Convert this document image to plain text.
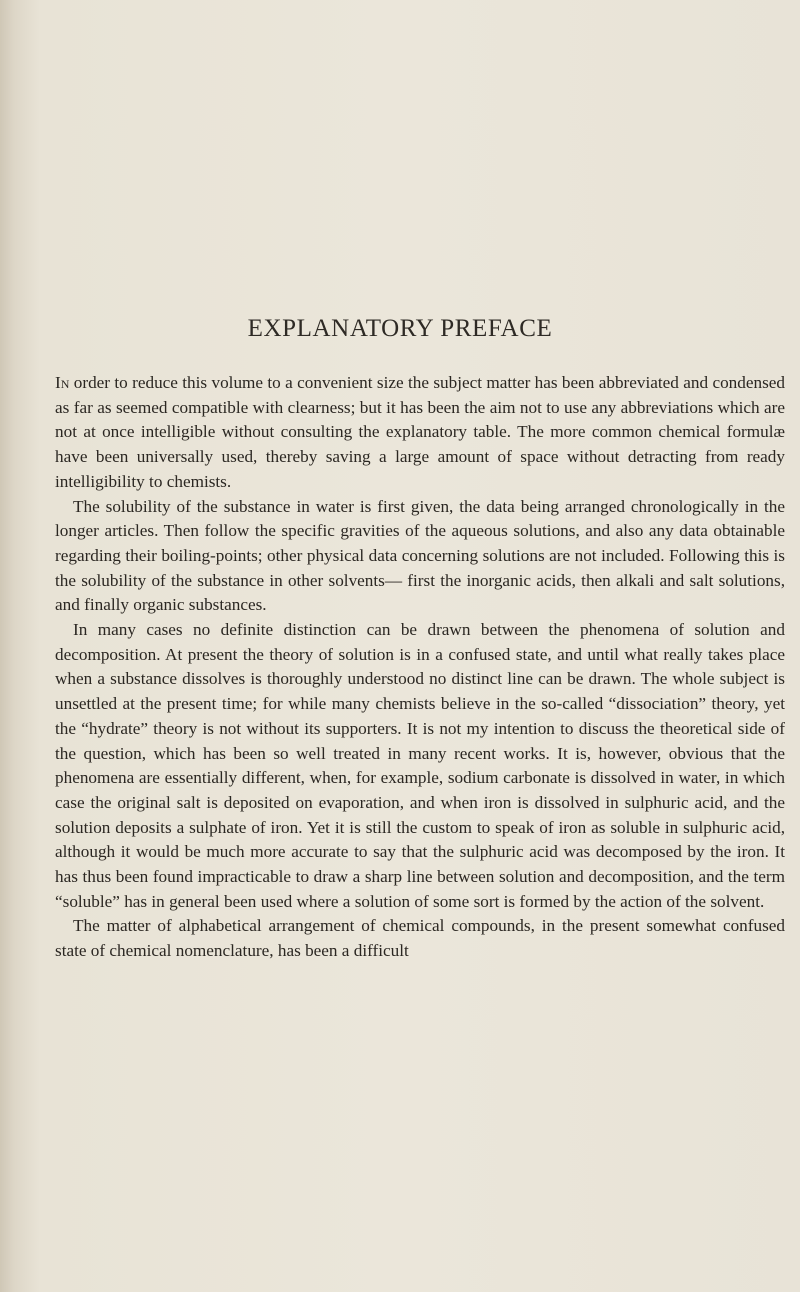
EXPLANATORY PREFACE

In order to reduce this volume to a convenient size the subject matter has been abbreviated and condensed as far as seemed compatible with clearness; but it has been the aim not to use any abbreviations which are not at once intelligible without consulting the explanatory table. The more common chemical formulæ have been universally used, thereby saving a large amount of space without detracting from ready intelligibility to chemists.

The solubility of the substance in water is first given, the data being arranged chronologically in the longer articles. Then follow the specific gravities of the aqueous solutions, and also any data obtainable regarding their boiling-points; other physical data concerning solutions are not included. Following this is the solubility of the substance in other solvents— first the inorganic acids, then alkali and salt solutions, and finally organic substances.

In many cases no definite distinction can be drawn between the phenomena of solution and decomposition. At present the theory of solution is in a confused state, and until what really takes place when a substance dissolves is thoroughly understood no distinct line can be drawn. The whole subject is unsettled at the present time; for while many chemists believe in the so-called “dissociation” theory, yet the “hydrate” theory is not without its supporters. It is not my intention to discuss the theoretical side of the question, which has been so well treated in many recent works. It is, however, obvious that the phenomena are essentially different, when, for example, sodium carbonate is dissolved in water, in which case the original salt is deposited on evaporation, and when iron is dissolved in sulphuric acid, and the solution deposits a sulphate of iron. Yet it is still the custom to speak of iron as soluble in sulphuric acid, although it would be much more accurate to say that the sulphuric acid was decomposed by the iron. It has thus been found impracticable to draw a sharp line between solution and decomposition, and the term “soluble” has in general been used where a solution of some sort is formed by the action of the solvent.

The matter of alphabetical arrangement of chemical compounds, in the present somewhat confused state of chemical nomenclature, has been a difficult
